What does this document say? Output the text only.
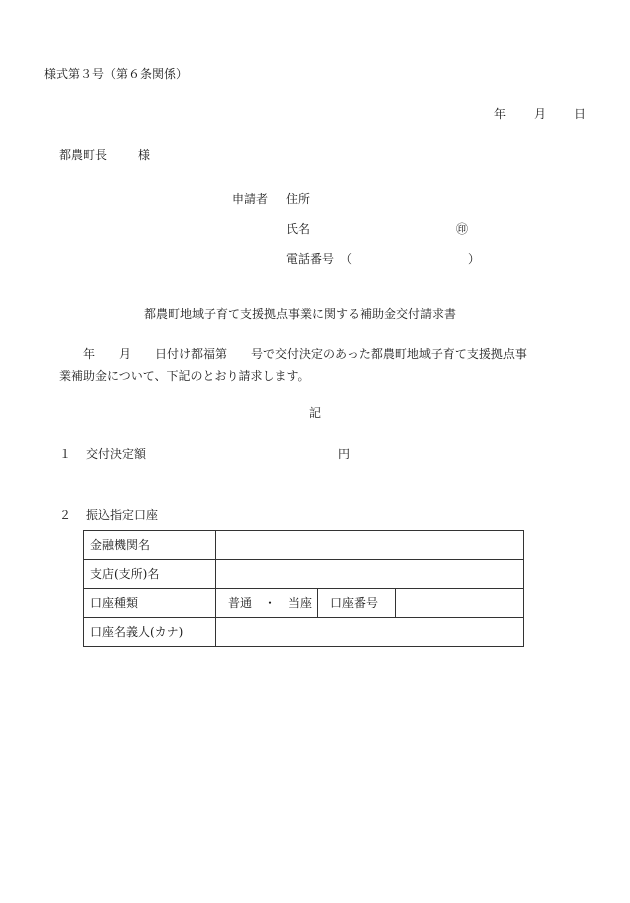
様式第３号（第６条関係）
年 月 日
都農町長	様
申請者 住所
氏名	㊞
電話番号 （	）
都農町地域子育て支援拠点事業に関する補助金交付請求書
年　　月　　日付け都福第　　号で交付決定のあった都農町地域子育て支援拠点事
業補助金について、下記のとおり請求します。
記
１ 交付決定額	円
２ 振込指定口座
金融機関名			
支店(支所)名			
口座種類	普通　・　当座	口座番号	
口座名義人(カナ)			
